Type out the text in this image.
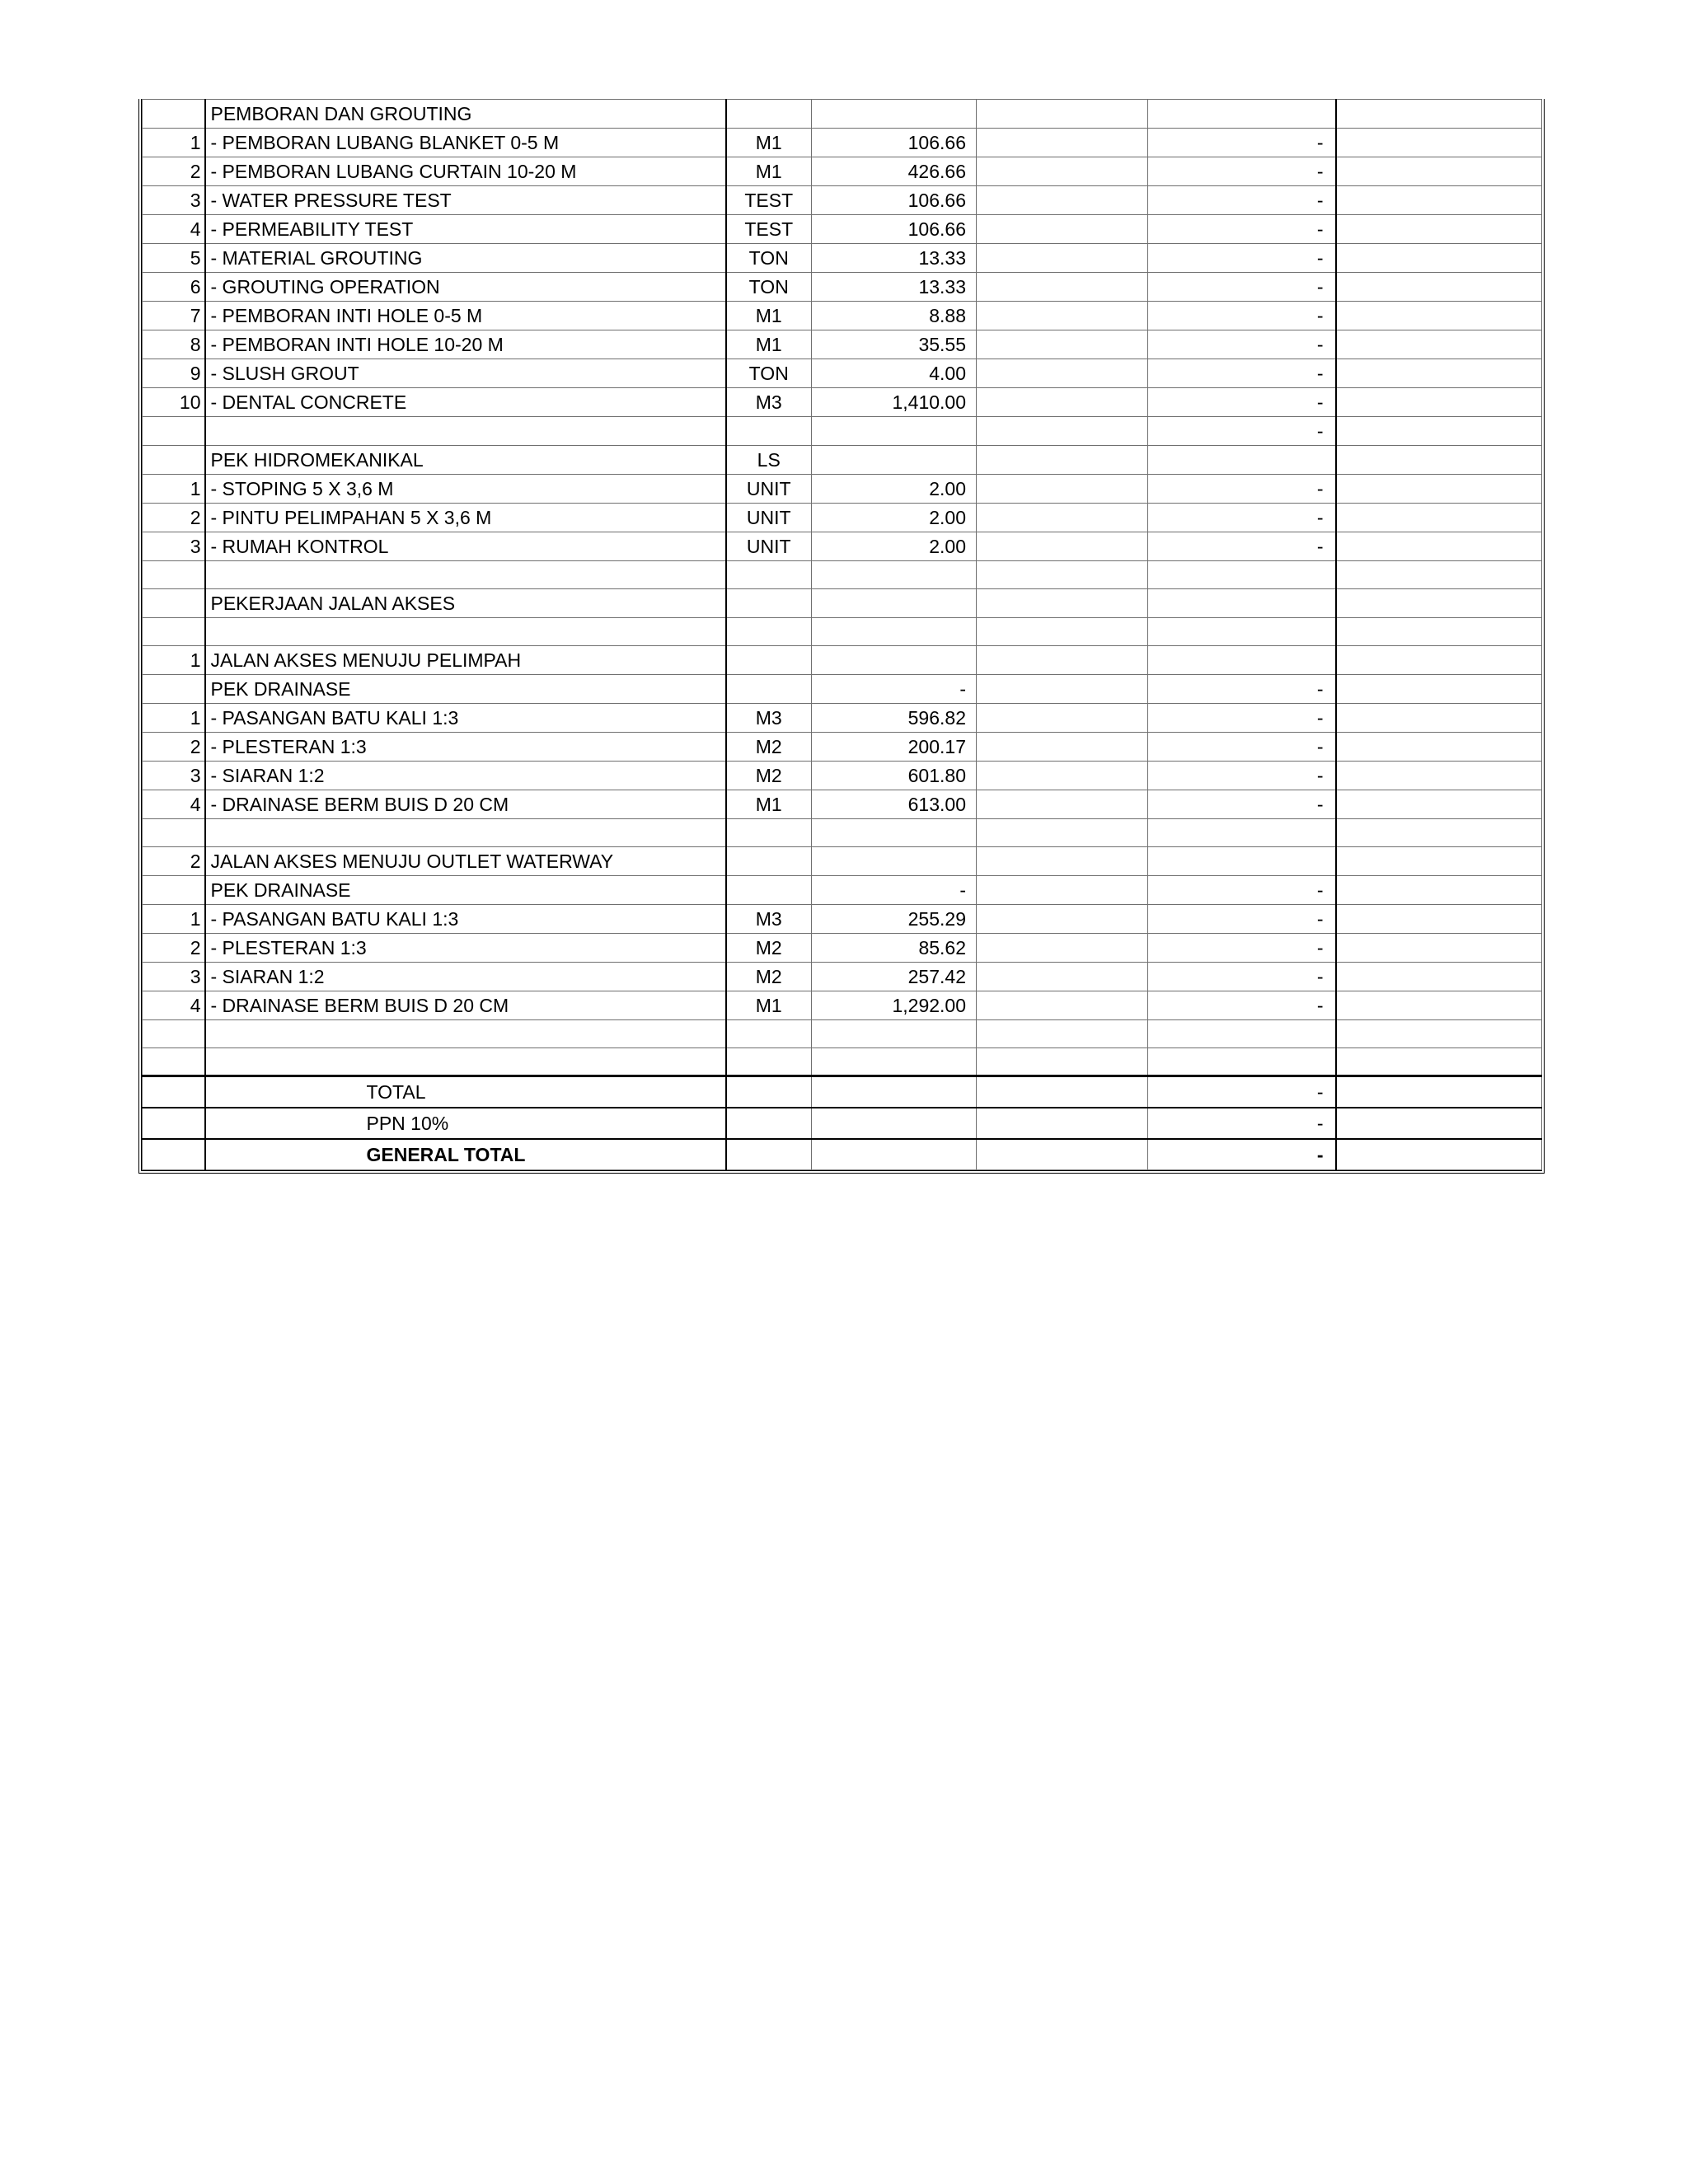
	PEMBORAN DAN GROUTING					
1	- PEMBORAN LUBANG BLANKET 0-5 M	M1	106.66		-	
2	- PEMBORAN LUBANG CURTAIN 10-20 M	M1	426.66		-	
3	- WATER PRESSURE TEST	TEST	106.66		-	
4	- PERMEABILITY TEST	TEST	106.66		-	
5	- MATERIAL GROUTING	TON	13.33		-	
6	- GROUTING OPERATION	TON	13.33		-	
7	- PEMBORAN INTI HOLE 0-5 M	M1	8.88		-	
8	- PEMBORAN INTI HOLE 10-20 M	M1	35.55		-	
9	- SLUSH GROUT	TON	4.00		-	
10	- DENTAL CONCRETE	M3	1,410.00		-	
					-	
	PEK HIDROMEKANIKAL	LS				
1	- STOPING 5 X 3,6 M	UNIT	2.00		-	
2	- PINTU PELIMPAHAN 5 X 3,6 M	UNIT	2.00		-	
3	- RUMAH KONTROL	UNIT	2.00		-	

	PEKERJAAN JALAN AKSES					

1	JALAN AKSES MENUJU PELIMPAH					
	PEK DRAINASE		-		-	
1	- PASANGAN BATU KALI 1:3	M3	596.82		-	
2	- PLESTERAN 1:3	M2	200.17		-	
3	- SIARAN 1:2	M2	601.80		-	
4	- DRAINASE BERM BUIS D 20 CM	M1	613.00		-	

2	JALAN AKSES MENUJU OUTLET WATERWAY					
	PEK DRAINASE		-		-	
1	- PASANGAN BATU KALI 1:3	M3	255.29		-	
2	- PLESTERAN 1:3	M2	85.62		-	
3	- SIARAN 1:2	M2	257.42		-	
4	- DRAINASE BERM BUIS D 20 CM	M1	1,292.00		-	

	TOTAL				-	
	PPN 10%				-	
	GENERAL TOTAL				-	
